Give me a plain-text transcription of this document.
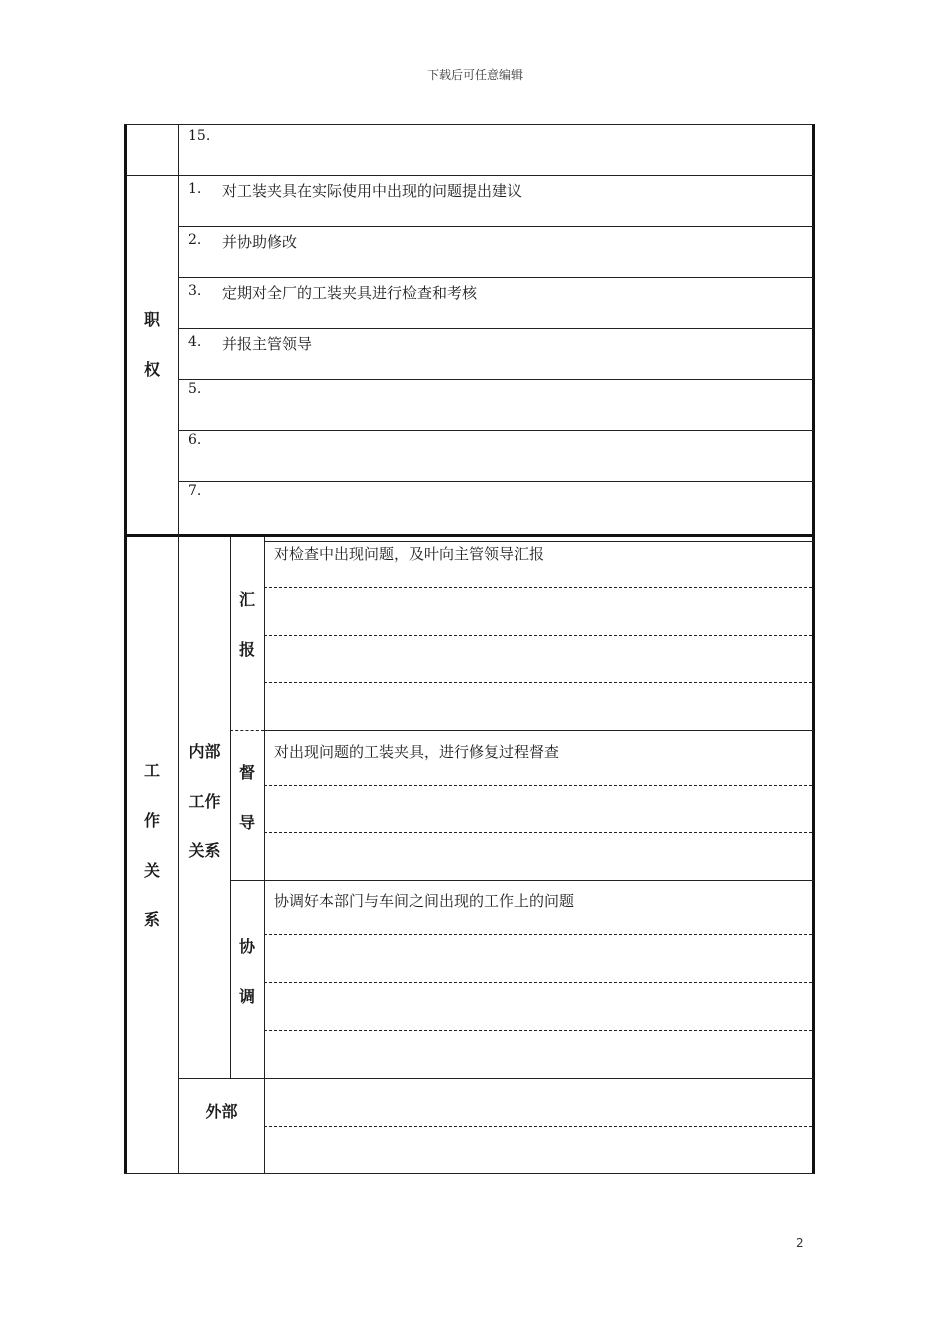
下载后可任意编辑
15.
职
权
1. 对工装夹具在实际使用中出现的问题提出建议
2. 并协助修改
3. 定期对全厂的工装夹具进行检查和考核
4. 并报主管领导
5.
6.
7.
工
作
关
系
内部
工作
关系
汇
报
对检查中出现问题，及叶向主管领导汇报
督
导
对出现问题的工装夹具，进行修复过程督查
协
调
协调好本部门与车间之间出现的工作上的问题
外部
2
